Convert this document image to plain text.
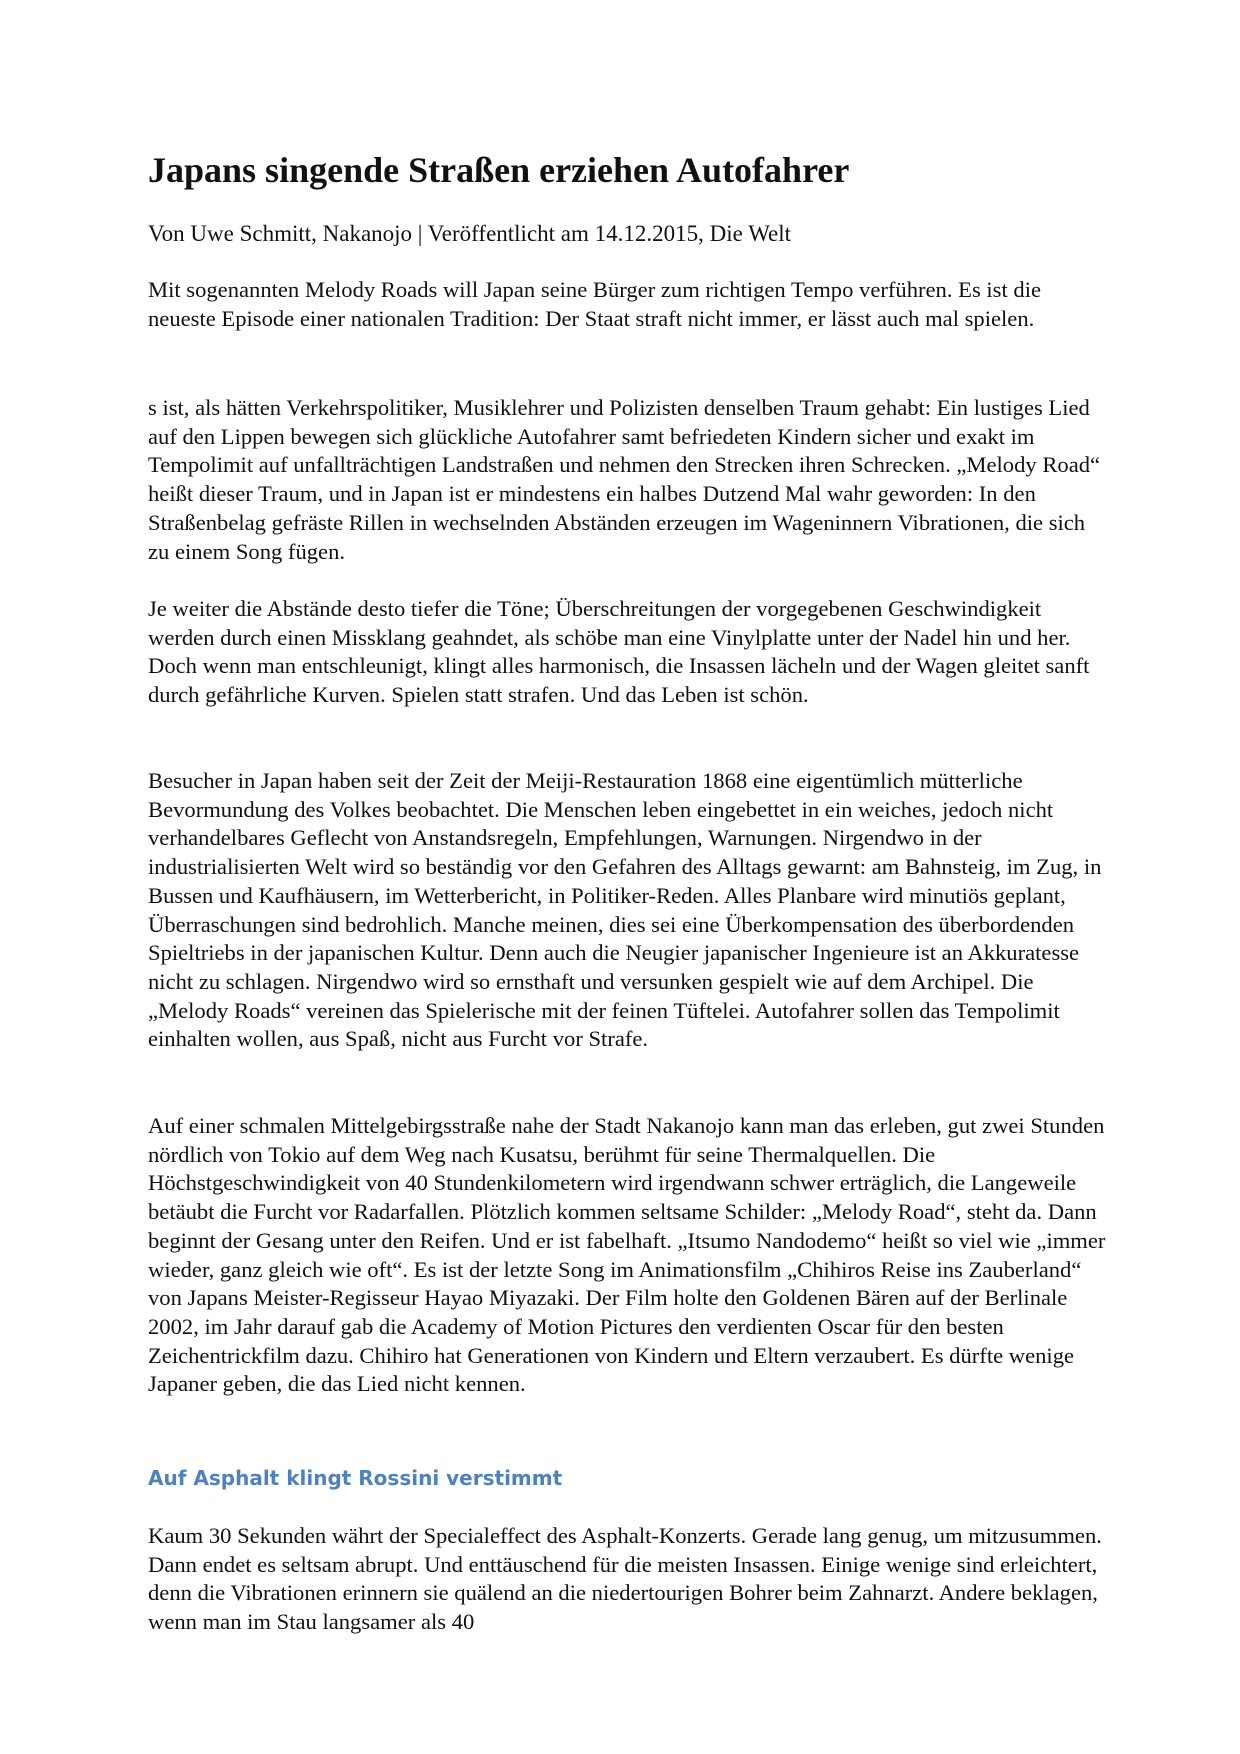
Japans singende Straßen erziehen Autofahrer

Von Uwe Schmitt, Nakanojo | Veröffentlicht am 14.12.2015, Die Welt

Mit sogenannten Melody Roads will Japan seine Bürger zum richtigen Tempo verführen. Es ist die neueste Episode einer nationalen Tradition: Der Staat straft nicht immer, er lässt auch mal spielen.

s ist, als hätten Verkehrspolitiker, Musiklehrer und Polizisten denselben Traum gehabt: Ein lustiges Lied auf den Lippen bewegen sich glückliche Autofahrer samt befriedeten Kindern sicher und exakt im Tempolimit auf unfallträchtigen Landstraßen und nehmen den Strecken ihren Schrecken. „Melody Road“ heißt dieser Traum, und in Japan ist er mindestens ein halbes Dutzend Mal wahr geworden: In den Straßenbelag gefräste Rillen in wechselnden Abständen erzeugen im Wageninnern Vibrationen, die sich zu einem Song fügen.

Je weiter die Abstände desto tiefer die Töne; Überschreitungen der vorgegebenen Geschwindigkeit werden durch einen Missklang geahndet, als schöbe man eine Vinylplatte unter der Nadel hin und her. Doch wenn man entschleunigt, klingt alles harmonisch, die Insassen lächeln und der Wagen gleitet sanft durch gefährliche Kurven. Spielen statt strafen. Und das Leben ist schön.

Besucher in Japan haben seit der Zeit der Meiji-Restauration 1868 eine eigentümlich mütterliche Bevormundung des Volkes beobachtet. Die Menschen leben eingebettet in ein weiches, jedoch nicht verhandelbares Geflecht von Anstandsregeln, Empfehlungen, Warnungen. Nirgendwo in der industrialisierten Welt wird so beständig vor den Gefahren des Alltags gewarnt: am Bahnsteig, im Zug, in Bussen und Kaufhäusern, im Wetterbericht, in Politiker-Reden. Alles Planbare wird minutiös geplant, Überraschungen sind bedrohlich. Manche meinen, dies sei eine Überkompensation des überbordenden Spieltriebs in der japanischen Kultur. Denn auch die Neugier japanischer Ingenieure ist an Akkuratesse nicht zu schlagen. Nirgendwo wird so ernsthaft und versunken gespielt wie auf dem Archipel. Die „Melody Roads“ vereinen das Spielerische mit der feinen Tüftelei. Autofahrer sollen das Tempolimit einhalten wollen, aus Spaß, nicht aus Furcht vor Strafe.

Auf einer schmalen Mittelgebirgsstraße nahe der Stadt Nakanojo kann man das erleben, gut zwei Stunden nördlich von Tokio auf dem Weg nach Kusatsu, berühmt für seine Thermalquellen. Die Höchstgeschwindigkeit von 40 Stundenkilometern wird irgendwann schwer erträglich, die Langeweile betäubt die Furcht vor Radarfallen. Plötzlich kommen seltsame Schilder: „Melody Road“, steht da. Dann beginnt der Gesang unter den Reifen. Und er ist fabelhaft. „Itsumo Nandodemo“ heißt so viel wie „immer wieder, ganz gleich wie oft“. Es ist der letzte Song im Animationsfilm „Chihiros Reise ins Zauberland“ von Japans Meister-Regisseur Hayao Miyazaki. Der Film holte den Goldenen Bären auf der Berlinale 2002, im Jahr darauf gab die Academy of Motion Pictures den verdienten Oscar für den besten Zeichentrickfilm dazu. Chihiro hat Generationen von Kindern und Eltern verzaubert. Es dürfte wenige Japaner geben, die das Lied nicht kennen.

Auf Asphalt klingt Rossini verstimmt

Kaum 30 Sekunden währt der Specialeffect des Asphalt-Konzerts. Gerade lang genug, um mitzusummen. Dann endet es seltsam abrupt. Und enttäuschend für die meisten Insassen. Einige wenige sind erleichtert, denn die Vibrationen erinnern sie quälend an die niedertourigen Bohrer beim Zahnarzt. Andere beklagen, wenn man im Stau langsamer als 40
